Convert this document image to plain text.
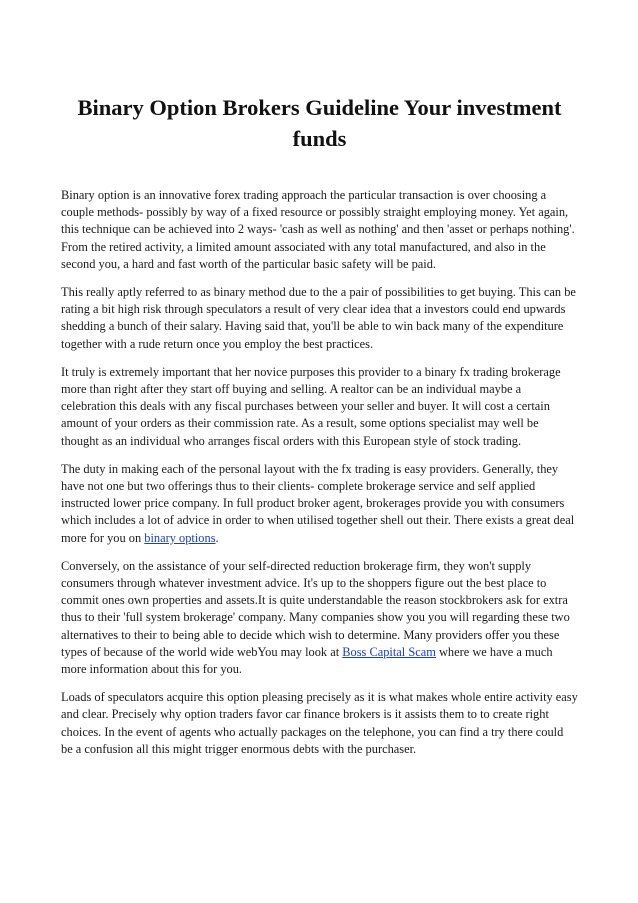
Binary Option Brokers Guideline Your investment funds

Binary option is an innovative forex trading approach the particular transaction is over choosing a couple methods- possibly by way of a fixed resource or possibly straight employing money. Yet again, this technique can be achieved into 2 ways- 'cash as well as nothing' and then 'asset or perhaps nothing'. From the retired activity, a limited amount associated with any total manufactured, and also in the second you, a hard and fast worth of the particular basic safety will be paid.

This really aptly referred to as binary method due to the a pair of possibilities to get buying. This can be rating a bit high risk through speculators a result of very clear idea that a investors could end upwards shedding a bunch of their salary. Having said that, you'll be able to win back many of the expenditure together with a rude return once you employ the best practices.

It truly is extremely important that her novice purposes this provider to a binary fx trading brokerage more than right after they start off buying and selling. A realtor can be an individual maybe a celebration this deals with any fiscal purchases between your seller and buyer. It will cost a certain amount of your orders as their commission rate. As a result, some options specialist may well be thought as an individual who arranges fiscal orders with this European style of stock trading.

The duty in making each of the personal layout with the fx trading is easy providers. Generally, they have not one but two offerings thus to their clients- complete brokerage service and self applied instructed lower price company. In full product broker agent, brokerages provide you with consumers which includes a lot of advice in order to when utilised together shell out their. There exists a great deal more for you on binary options.

Conversely, on the assistance of your self-directed reduction brokerage firm, they won't supply consumers through whatever investment advice. It's up to the shoppers figure out the best place to commit ones own properties and assets.It is quite understandable the reason stockbrokers ask for extra thus to their 'full system brokerage' company. Many companies show you you will regarding these two alternatives to their to being able to decide which wish to determine. Many providers offer you these types of because of the world wide webYou may look at Boss Capital Scam where we have a much more information about this for you.

Loads of speculators acquire this option pleasing precisely as it is what makes whole entire activity easy and clear. Precisely why option traders favor car finance brokers is it assists them to to create right choices. In the event of agents who actually packages on the telephone, you can find a try there could be a confusion all this might trigger enormous debts with the purchaser.
